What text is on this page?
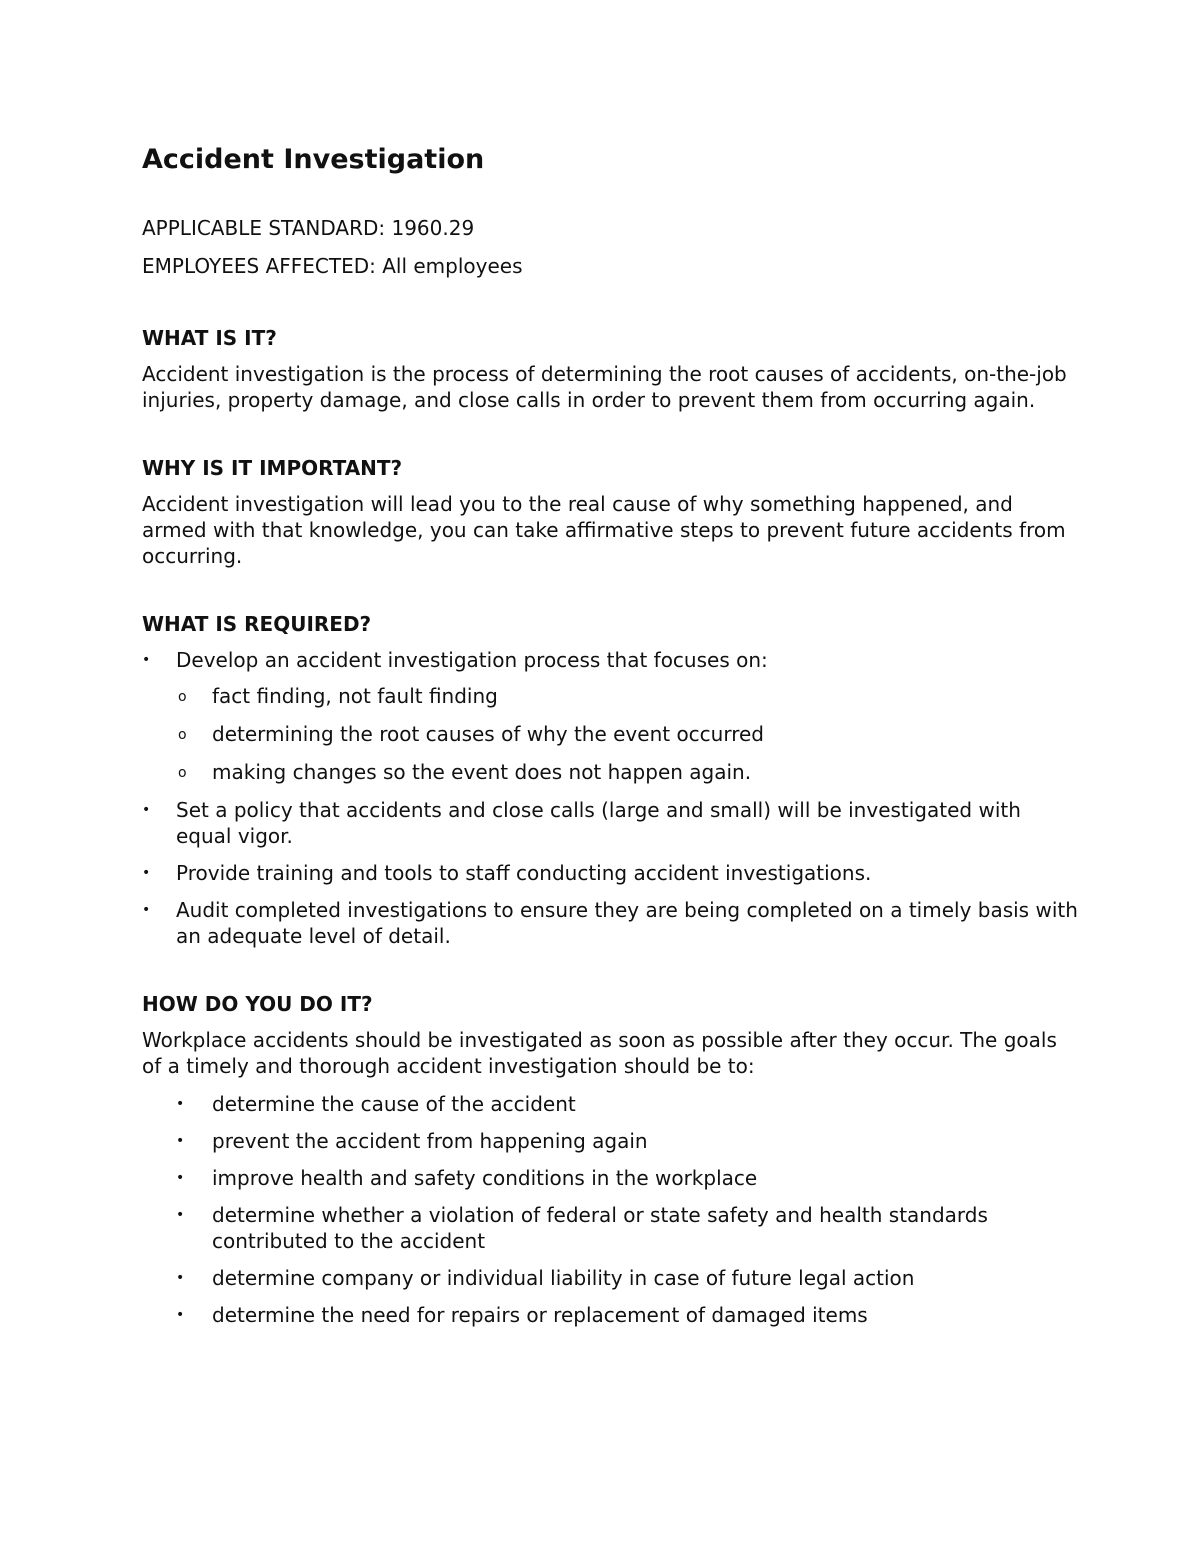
Accident Investigation
APPLICABLE STANDARD: 1960.29
EMPLOYEES AFFECTED: All employees
WHAT IS IT?

Accident investigation is the process of determining the root causes of accidents, on-the-job injuries, property damage, and close calls in order to prevent them from occurring again.

WHY IS IT IMPORTANT?

Accident investigation will lead you to the real cause of why something happened, and armed with that knowledge, you can take affirmative steps to prevent future accidents from occurring.

WHAT IS REQUIRED?
• Develop an accident investigation process that focuses on:
o fact finding, not fault finding
o determining the root causes of why the event occurred
o making changes so the event does not happen again.
• Set a policy that accidents and close calls (large and small) will be investigated with equal vigor.
• Provide training and tools to staff conducting accident investigations.
• Audit completed investigations to ensure they are being completed on a timely basis with an adequate level of detail.
HOW DO YOU DO IT?

Workplace accidents should be investigated as soon as possible after they occur. The goals of a timely and thorough accident investigation should be to:

• determine the cause of the accident
• prevent the accident from happening again
• improve health and safety conditions in the workplace
• determine whether a violation of federal or state safety and health standards contributed to the accident
• determine company or individual liability in case of future legal action
• determine the need for repairs or replacement of damaged items
